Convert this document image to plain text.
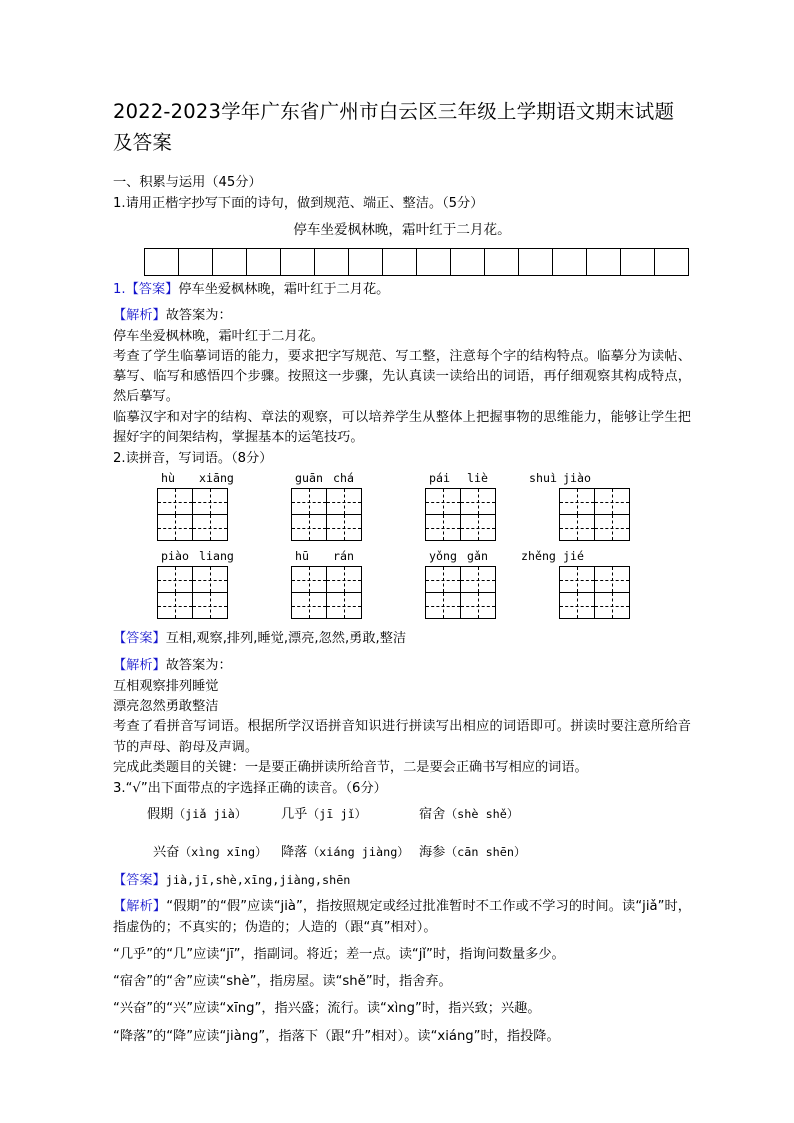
2022-2023学年广东省广州市白云区三年级上学期语文期末试题及答案

一、积累与运用（45分）

1.请用正楷字抄写下面的诗句，做到规范、端正、整洁。（5分）

停车坐爱枫林晚，霜叶红于二月花。

1.【答案】停车坐爱枫林晚，霜叶红于二月花。

【解析】故答案为：

停车坐爱枫林晚，霜叶红于二月花。

考查了学生临摹词语的能力，要求把字写规范、写工整，注意每个字的结构特点。临摹分为读帖、摹写、临写和感悟四个步骤。按照这一步骤，先认真读一读给出的词语，再仔细观察其构成特点，然后摹写。

临摹汉字和对字的结构、章法的观察，可以培养学生从整体上把握事物的思维能力，能够让学生把握好字的间架结构，掌握基本的运笔技巧。

2.读拼音，写词语。（8分）

hù xiāng

		guān chá

		pái liè

		shuì jiào

piào liang

		hū rán

		yǒng gǎn

		zhěng jié

【答案】互相,观察,排列,睡觉,漂亮,忽然,勇敢,整洁

【解析】故答案为：

互相观察排列睡觉

漂亮忽然勇敢整洁

考查了看拼音写词语。根据所学汉语拼音知识进行拼读写出相应的词语即可。拼读时要注意所给音节的声母、韵母及声调。

完成此类题目的关键：一是要正确拼读所给音节，二是要会正确书写相应的词语。

3.“√”出下面带点的字选择正确的读音。（6分）

假期（jiǎ jià）	几乎（jī jǐ）	宿舍（shè shě）
兴奋（xìng xīng） 降落（xiáng jiàng） 海参（cān shēn）

【答案】jià,jī,shè,xīng,jiàng,shēn

【解析】“假期”的“假”应读“jià”，指按照规定或经过批准暂时不工作或不学习的时间。读“jiǎ”时，指虚伪的；不真实的；伪造的；人造的（跟“真”相对）。

“几乎”的“几”应读“jī”，指副词。将近；差一点。读“jǐ”时，指询问数量多少。

“宿舍”的“舍”应读“shè”，指房屋。读“shě”时，指舍弃。

“兴奋”的“兴”应读“xīng”，指兴盛；流行。读“xìng”时，指兴致；兴趣。

“降落”的“降”应读“jiàng”，指落下（跟“升”相对）。读“xiáng”时，指投降。
